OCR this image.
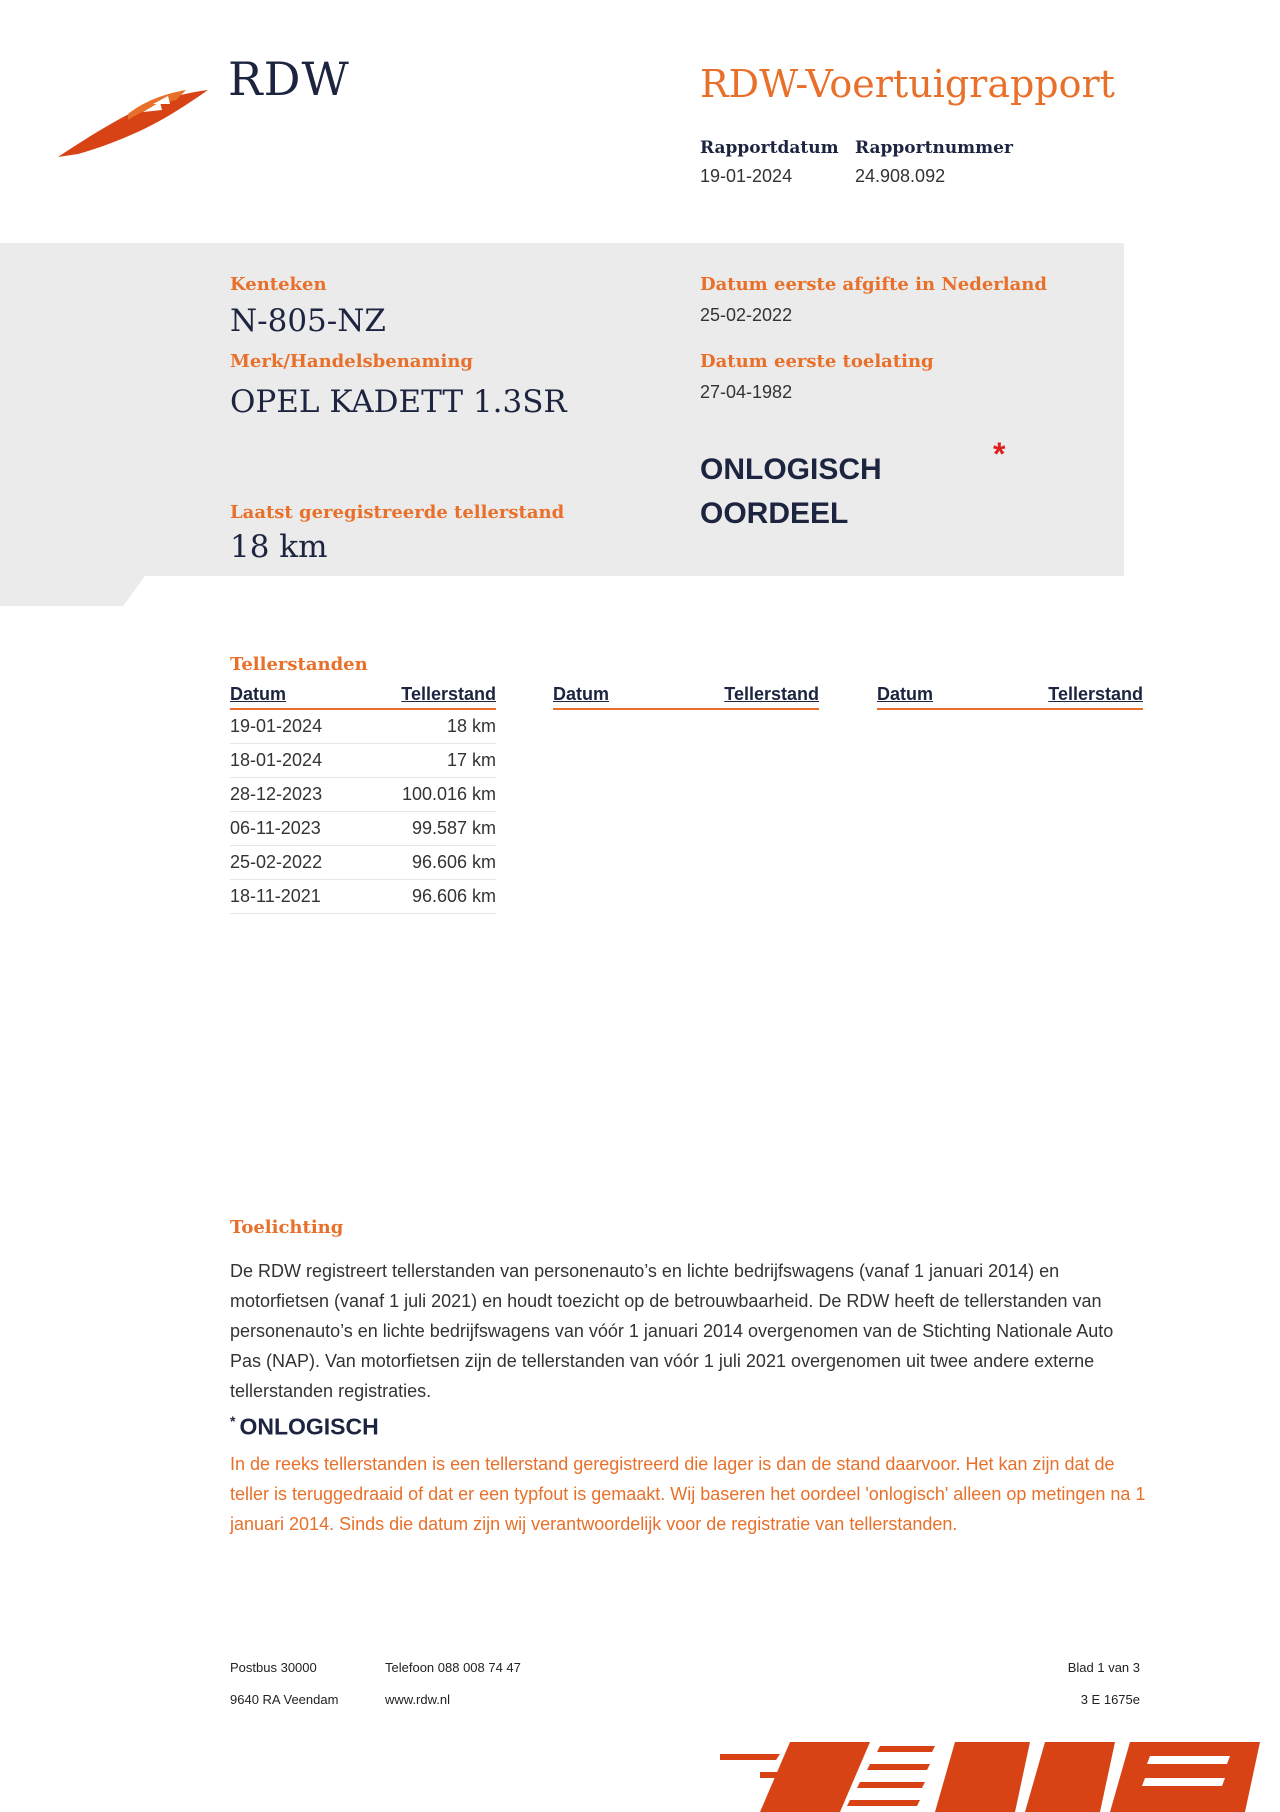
RDW	RDW-Voertuigrapport
Rapportdatum
19-01-2024
Rapportnummer
24.908.092
Kenteken
N-805-NZ
Merk/Handelsbenaming
OPEL KADETT 1.3SR
Laatst geregistreerde tellerstand
18 km
Datum eerste afgifte in Nederland
25-02-2022
Datum eerste toelating
27-04-1982
ONLOGISCH
OORDEEL
*
Tellerstanden
Datum	Tellerstand
19-01-2024	18 km
18-01-2024	17 km
28-12-2023	100.016 km
06-11-2023	99.587 km
25-02-2022	96.606 km
18-11-2021	96.606 km
Datum	Tellerstand	Datum	Tellerstand
Toelichting
De RDW registreert tellerstanden van personenauto’s en lichte bedrijfswagens (vanaf 1 januari 2014) en motorfietsen (vanaf 1 juli 2021) en houdt toezicht op de betrouwbaarheid. De RDW heeft de tellerstanden van personenauto’s en lichte bedrijfswagens van vóór 1 januari 2014 overgenomen van de Stichting Nationale Auto Pas (NAP). Van motorfietsen zijn de tellerstanden van vóór 1 juli 2021 overgenomen uit twee andere externe tellerstanden registraties.
* ONLOGISCH
In de reeks tellerstanden is een tellerstand geregistreerd die lager is dan de stand daarvoor. Het kan zijn dat de teller is teruggedraaid of dat er een typfout is gemaakt. Wij baseren het oordeel 'onlogisch' alleen op metingen na 1 januari 2014. Sinds die datum zijn wij verantwoordelijk voor de registratie van tellerstanden.
Postbus 30000
9640 RA Veendam
Telefoon 088 008 74 47
www.rdw.nl
Blad 1 van 3
3 E 1675e
